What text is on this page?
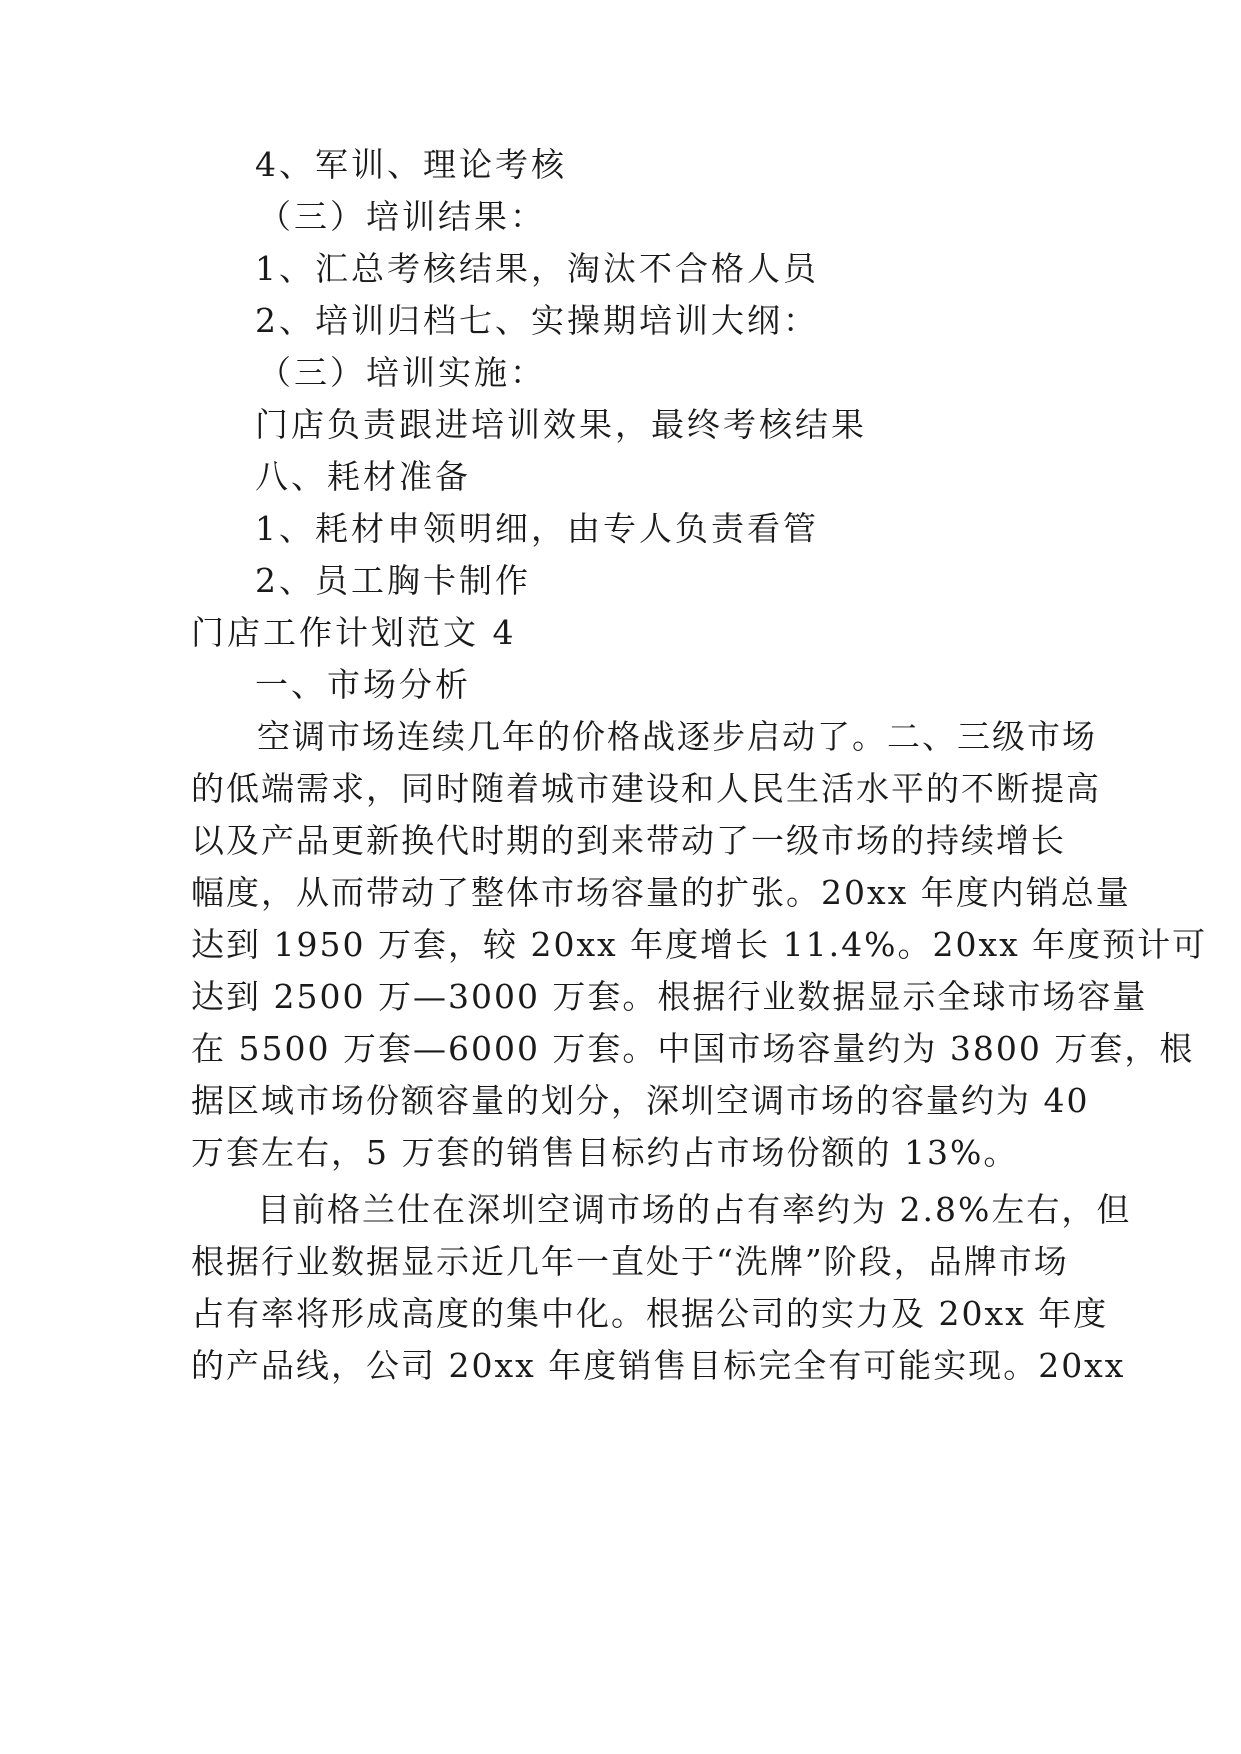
4、军训、理论考核
（三）培训结果：
1、汇总考核结果，淘汰不合格人员
2、培训归档七、实操期培训大纲：
（三）培训实施：
门店负责跟进培训效果，最终考核结果
八、耗材准备
1、耗材申领明细，由专人负责看管
2、员工胸卡制作
门店工作计划范文 4
一、市场分析
空调市场连续几年的价格战逐步启动了。二、三级市场
的低端需求，同时随着城市建设和人民生活水平的不断提高
以及产品更新换代时期的到来带动了一级市场的持续增长
幅度，从而带动了整体市场容量的扩张。20xx 年度内销总量
达到 1950 万套，较 20xx 年度增长 11.4%。20xx 年度预计可
达到 2500 万—3000 万套。根据行业数据显示全球市场容量
在 5500 万套—6000 万套。中国市场容量约为 3800 万套，根
据区域市场份额容量的划分，深圳空调市场的容量约为 40
万套左右，5 万套的销售目标约占市场份额的 13%。
目前格兰仕在深圳空调市场的占有率约为 2.8%左右，但
根据行业数据显示近几年一直处于“洗牌”阶段，品牌市场
占有率将形成高度的集中化。根据公司的实力及 20xx 年度
的产品线，公司 20xx 年度销售目标完全有可能实现。20xx
